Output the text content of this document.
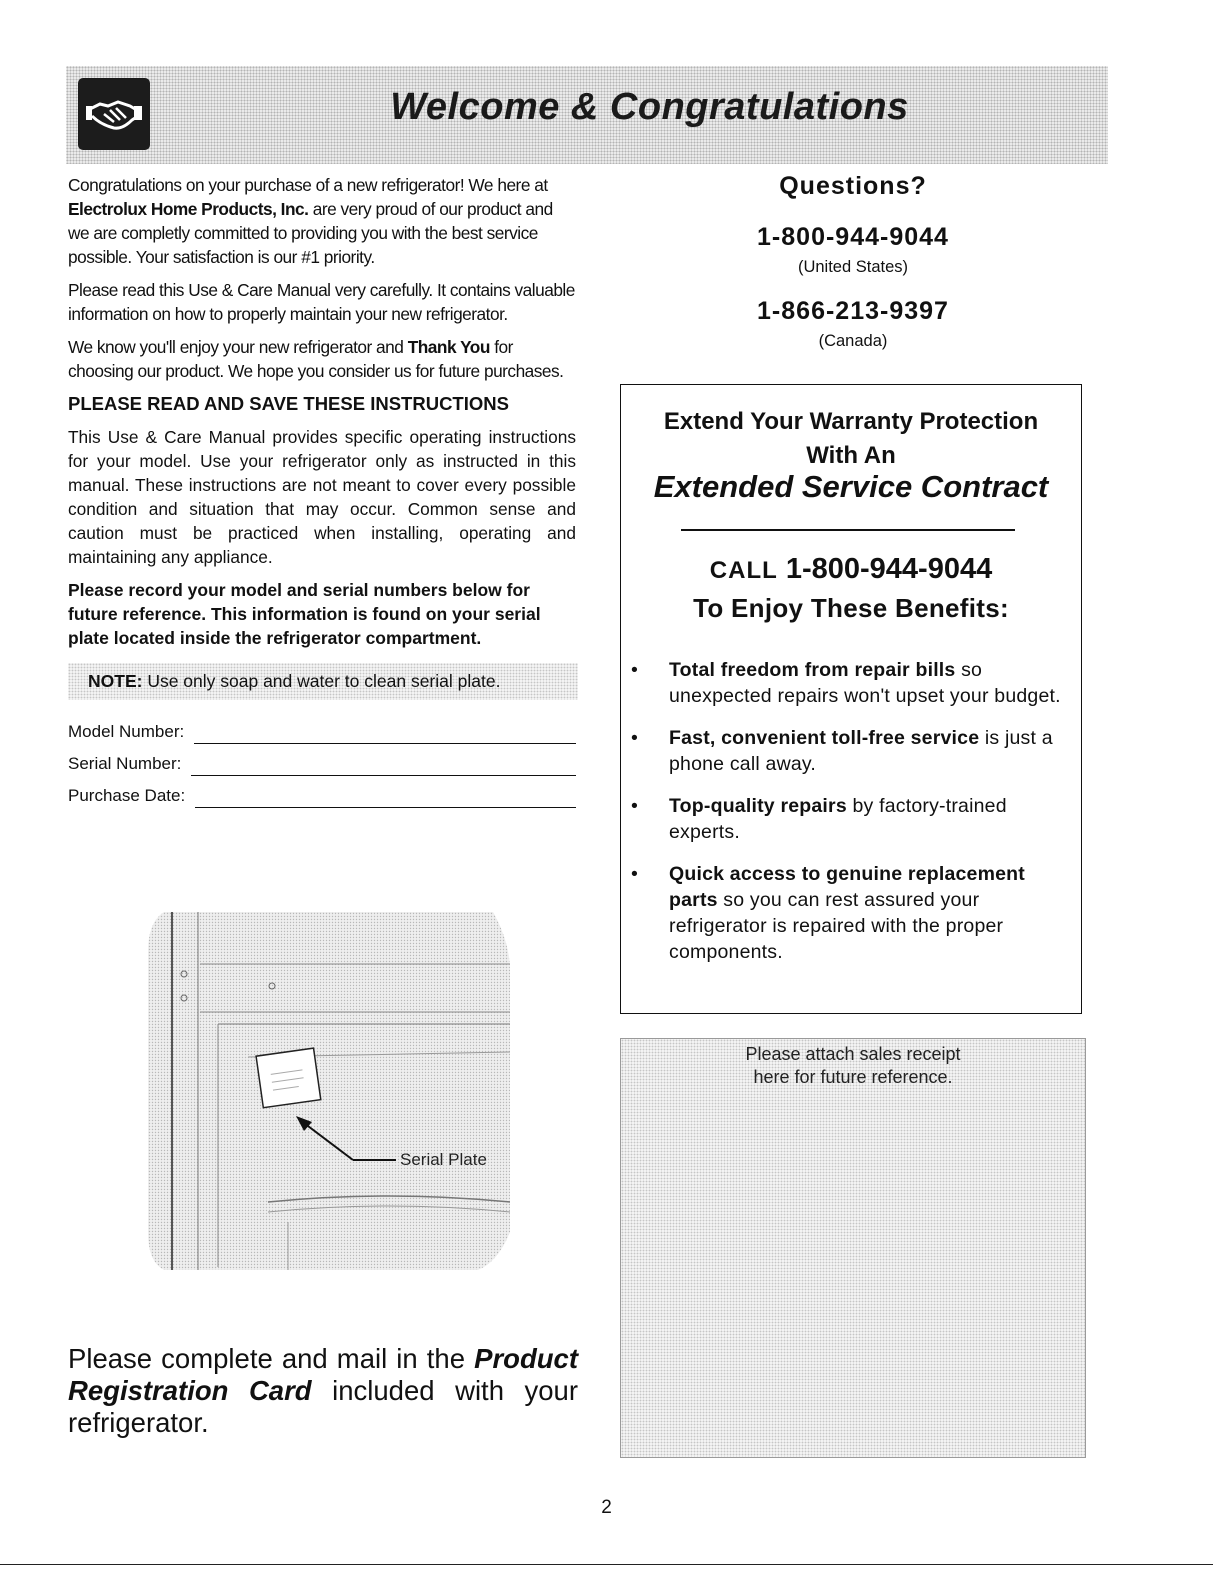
Welcome & Congratulations

Congratulations on your purchase of a new refrigerator! We here at Electrolux Home Products, Inc. are very proud of our product and we are completly committed to providing you with the best service possible. Your satisfaction is our #1 priority.

Please read this Use & Care Manual very carefully. It contains valuable information on how to properly maintain your new refrigerator.

We know you'll enjoy your new refrigerator and Thank You for choosing our product. We hope you consider us for future purchases.

PLEASE READ AND SAVE THESE INSTRUCTIONS

This Use & Care Manual provides specific operating instructions for your model. Use your refrigerator only as instructed in this manual. These instructions are not meant to cover every possible condition and situation that may occur. Common sense and caution must be practiced when installing, operating and maintaining any appliance.

Please record your model and serial numbers below for future reference. This information is found on your serial plate located inside the refrigerator compartment.

NOTE: Use only soap and water to clean serial plate.
Model Number:
Serial Number:
Purchase Date:
Serial Plate
Please complete and mail in the Product Registration Card included with your refrigerator.
Questions?
1-800-944-9044
(United States)
1-866-213-9397
(Canada)
Extend Your Warranty Protection
With An
Extended Service Contract
CALL 1-800-944-9044
To Enjoy These Benefits:
• Total freedom from repair bills so unexpected repairs won't upset your budget.
• Fast, convenient toll-free service is just a phone call away.
• Top-quality repairs by factory-trained experts.
• Quick access to genuine replacement parts so you can rest assured your refrigerator is repaired with the proper components.
Please attach sales receipt
here for future reference.
2
